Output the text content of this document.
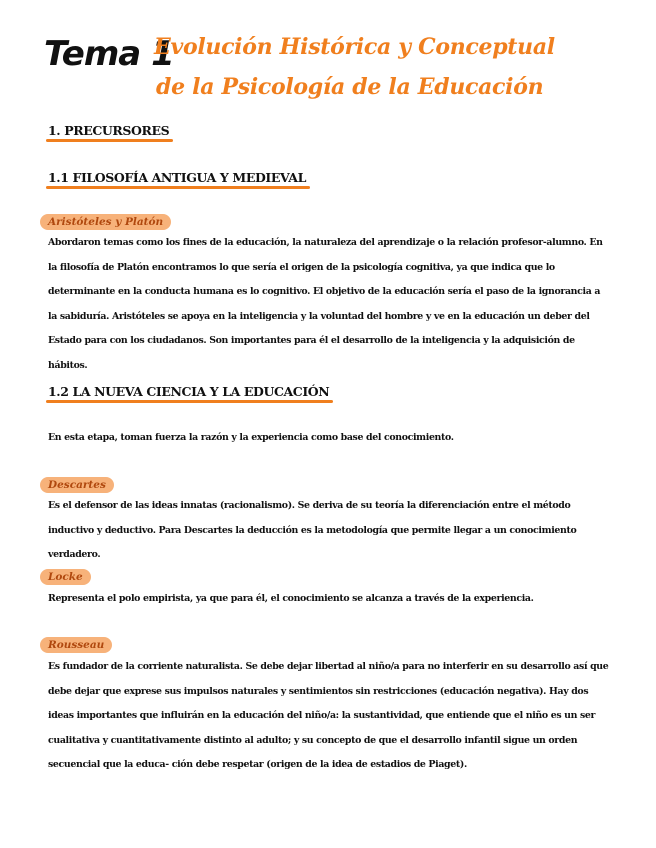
Tema 1
Evolución Histórica y Conceptual
de la Psicología de la Educación
1. PRECURSORES
1.1 FILOSOFÍA ANTIGUA Y MEDIEVAL
Aristóteles y Platón
Abordaron temas como los fines de la educación, la naturaleza del aprendizaje o la relación profesor-alumno. En la filosofía de Platón encontramos lo que sería el origen de la psicología cognitiva, ya que indica que lo determinante en la conducta humana es lo cognitivo. El objetivo de la educación sería el paso de la ignorancia a la sabiduría. Aristóteles se apoya en la inteligencia y la voluntad del hombre y ve en la educación un deber del Estado para con los ciudadanos. Son importantes para él el desarrollo de la inteligencia y la adquisición de hábitos.
1.2 LA NUEVA CIENCIA Y LA EDUCACIÓN
En esta etapa, toman fuerza la razón y la experiencia como base del conocimiento.
Descartes
Es el defensor de las ideas innatas (racionalismo). Se deriva de su teoría la diferenciación entre el método inductivo y deductivo. Para Descartes la deducción es la metodología que permite llegar a un conocimiento verdadero.
Locke
Representa el polo empirista, ya que para él, el conocimiento se alcanza a través de la experiencia.
Rousseau
Es fundador de la corriente naturalista. Se debe dejar libertad al niño/a para no interferir en su desarrollo así que debe dejar que exprese sus impulsos naturales y sentimientos sin restricciones (educación negativa). Hay dos ideas importantes que influirán en la educación del niño/a: la sustantividad, que entiende que el niño es un ser cualitativa y cuantitativamente distinto al adulto; y su concepto de que el desarrollo infantil sigue un orden secuencial que la educa- ción debe respetar (origen de la idea de estadios de Piaget).
